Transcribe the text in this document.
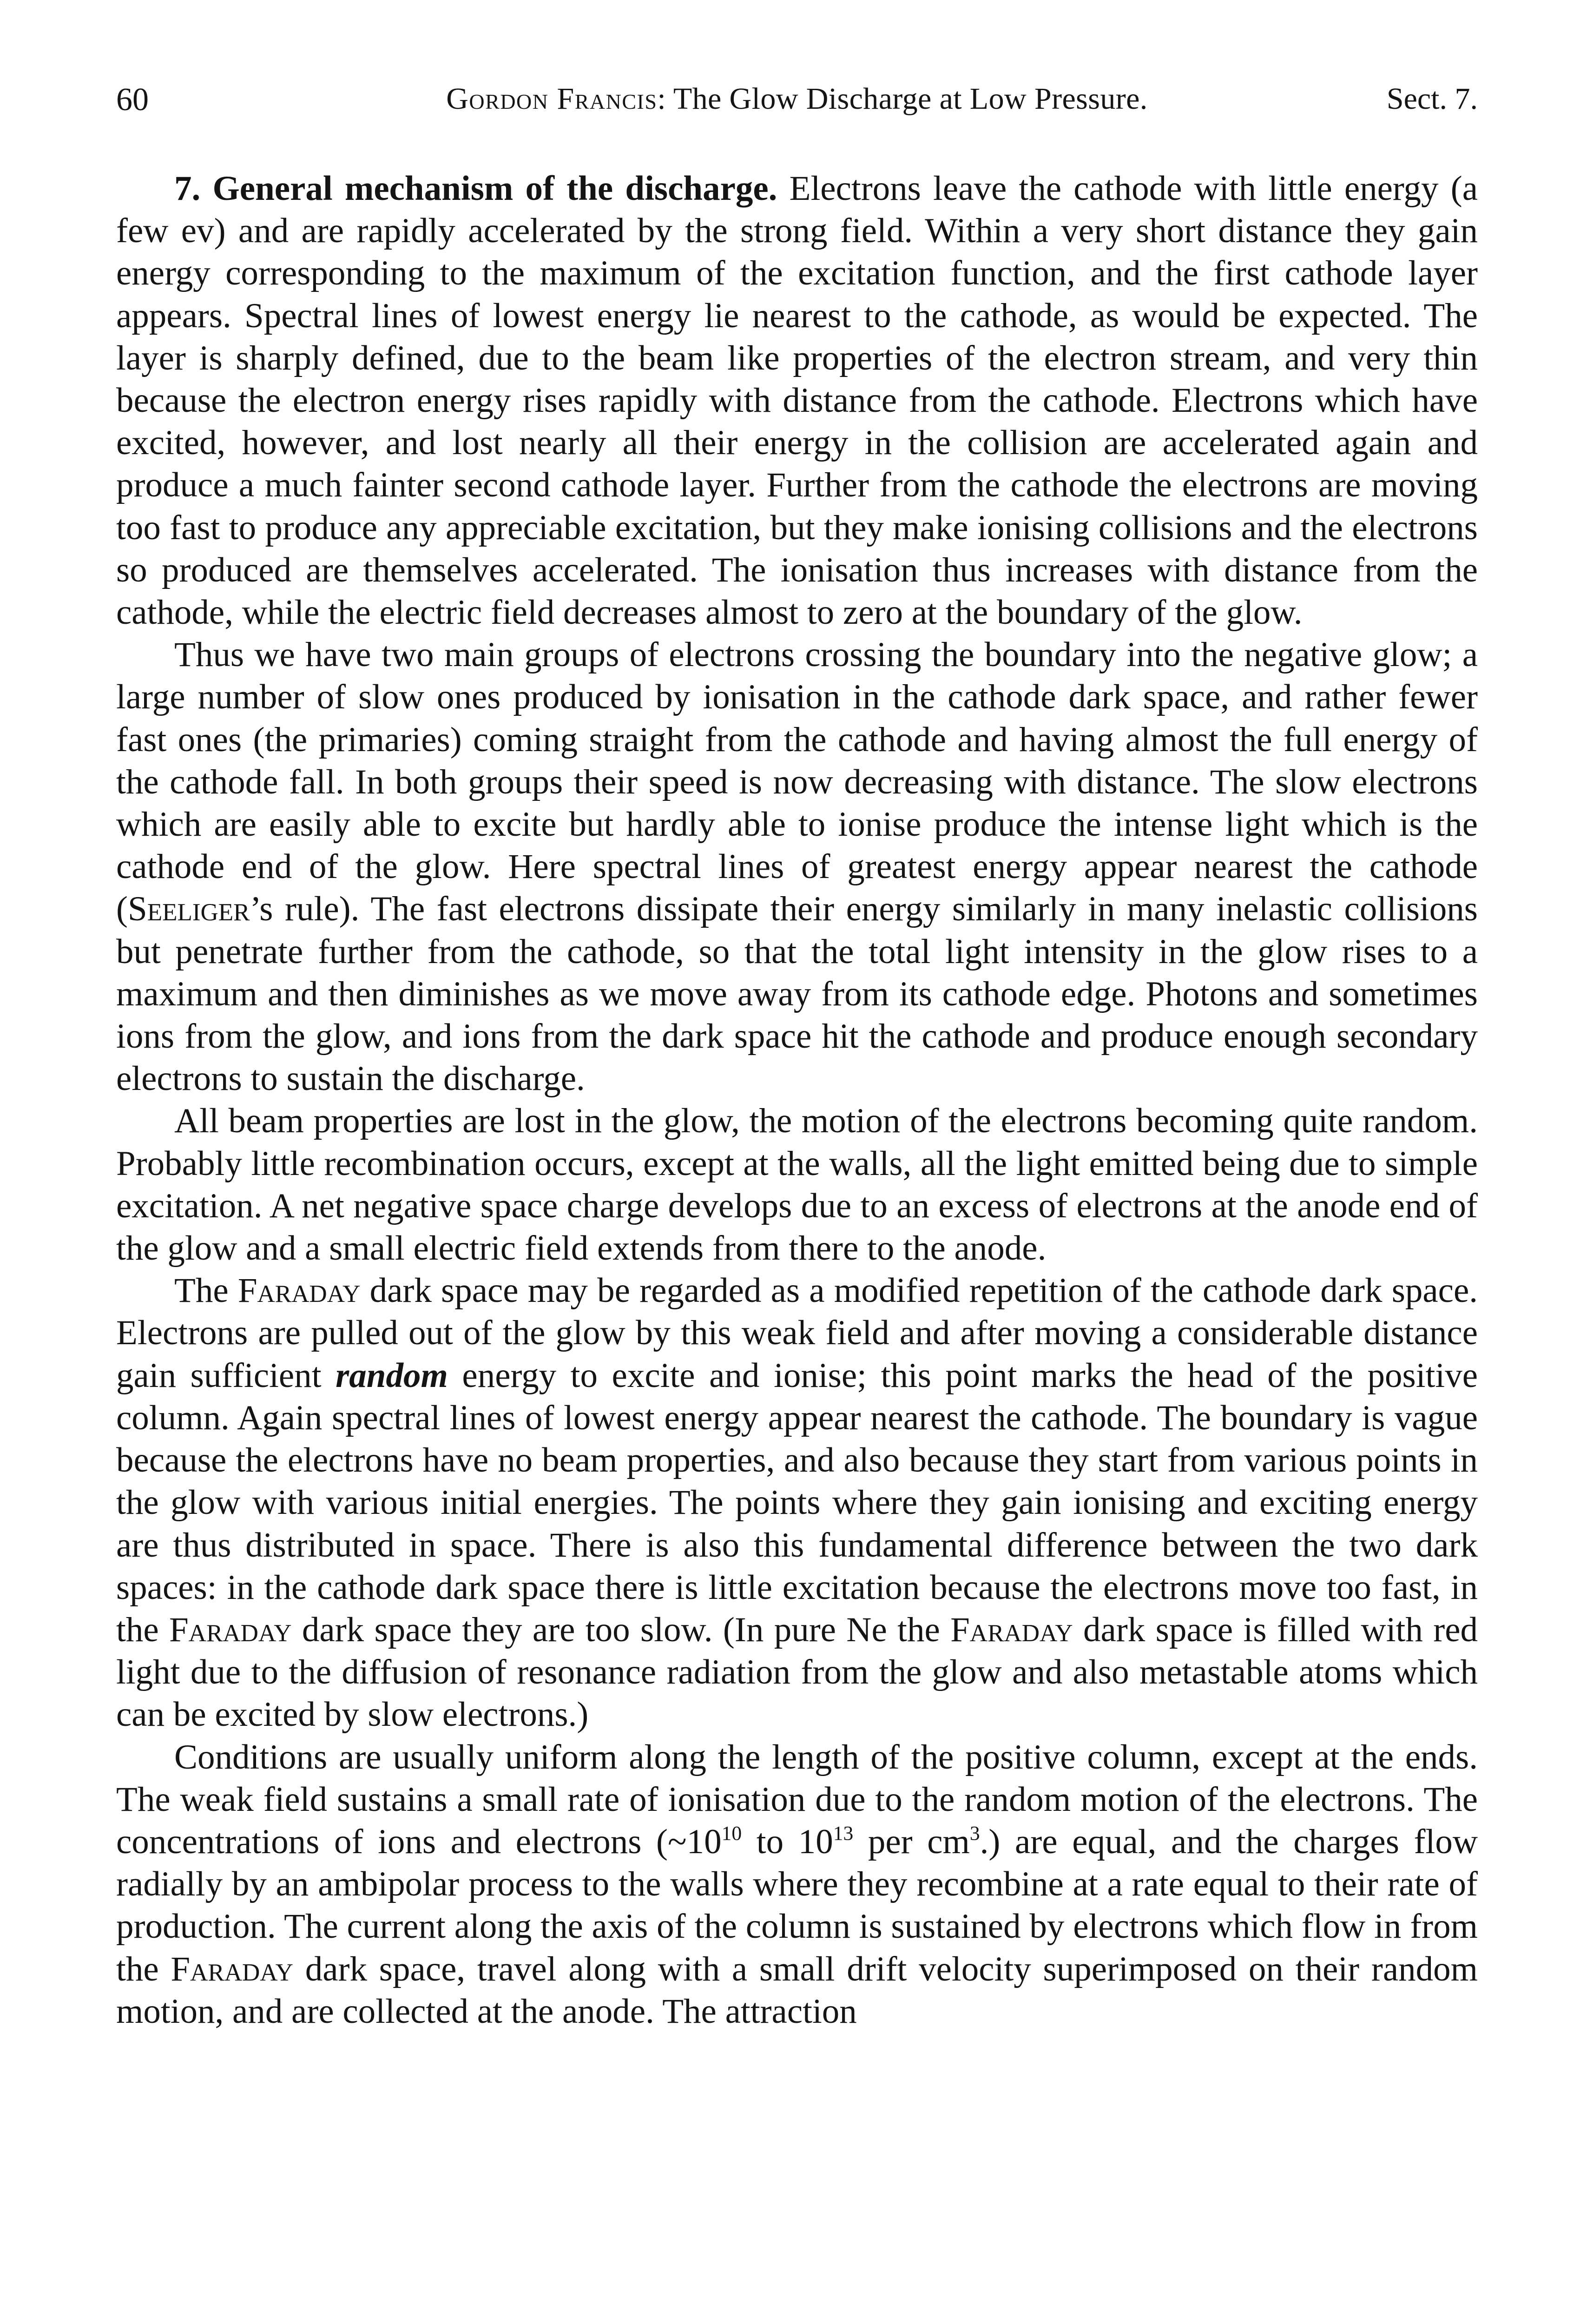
60	Gordon Francis: The Glow Discharge at Low Pressure.	Sect. 7.

7. General mechanism of the discharge. Electrons leave the cathode with little energy (a few ev) and are rapidly accelerated by the strong field. Within a very short distance they gain energy corresponding to the maximum of the excitation function, and the first cathode layer appears. Spectral lines of lowest energy lie nearest to the cathode, as would be expected. The layer is sharply defined, due to the beam like properties of the electron stream, and very thin because the electron energy rises rapidly with distance from the cathode. Electrons which have excited, however, and lost nearly all their energy in the collision are accelerated again and produce a much fainter second cathode layer. Further from the cathode the electrons are moving too fast to produce any appreciable excitation, but they make ionising collisions and the electrons so produced are themselves accelerated. The ionisation thus increases with distance from the cathode, while the electric field decreases almost to zero at the boundary of the glow.

Thus we have two main groups of electrons crossing the boundary into the negative glow; a large number of slow ones produced by ionisation in the cathode dark space, and rather fewer fast ones (the primaries) coming straight from the cathode and having almost the full energy of the cathode fall. In both groups their speed is now decreasing with distance. The slow electrons which are easily able to excite but hardly able to ionise produce the intense light which is the cathode end of the glow. Here spectral lines of greatest energy appear nearest the cathode (Seeliger’s rule). The fast electrons dissipate their energy similarly in many inelastic collisions but penetrate further from the cathode, so that the total light intensity in the glow rises to a maximum and then diminishes as we move away from its cathode edge. Photons and sometimes ions from the glow, and ions from the dark space hit the cathode and produce enough secondary electrons to sustain the discharge.

All beam properties are lost in the glow, the motion of the electrons becoming quite random. Probably little recombination occurs, except at the walls, all the light emitted being due to simple excitation. A net negative space charge develops due to an excess of electrons at the anode end of the glow and a small electric field extends from there to the anode.

The Faraday dark space may be regarded as a modified repetition of the cathode dark space. Electrons are pulled out of the glow by this weak field and after moving a considerable distance gain sufficient random energy to excite and ionise; this point marks the head of the positive column. Again spectral lines of lowest energy appear nearest the cathode. The boundary is vague because the electrons have no beam properties, and also because they start from various points in the glow with various initial energies. The points where they gain ionising and exciting energy are thus distributed in space. There is also this fundamental difference between the two dark spaces: in the cathode dark space there is little excitation because the electrons move too fast, in the Faraday dark space they are too slow. (In pure Ne the Faraday dark space is filled with red light due to the diffusion of resonance radiation from the glow and also metastable atoms which can be excited by slow electrons.)

Conditions are usually uniform along the length of the positive column, except at the ends. The weak field sustains a small rate of ionisation due to the random motion of the electrons. The concentrations of ions and electrons ($\sim 10^{10}$ to $10^{13}$ per $cm^3$.) are equal, and the charges flow radially by an ambipolar process to the walls where they recombine at a rate equal to their rate of production. The current along the axis of the column is sustained by electrons which flow in from the Faraday dark space, travel along with a small drift velocity superimposed on their random motion, and are collected at the anode. The attraction
